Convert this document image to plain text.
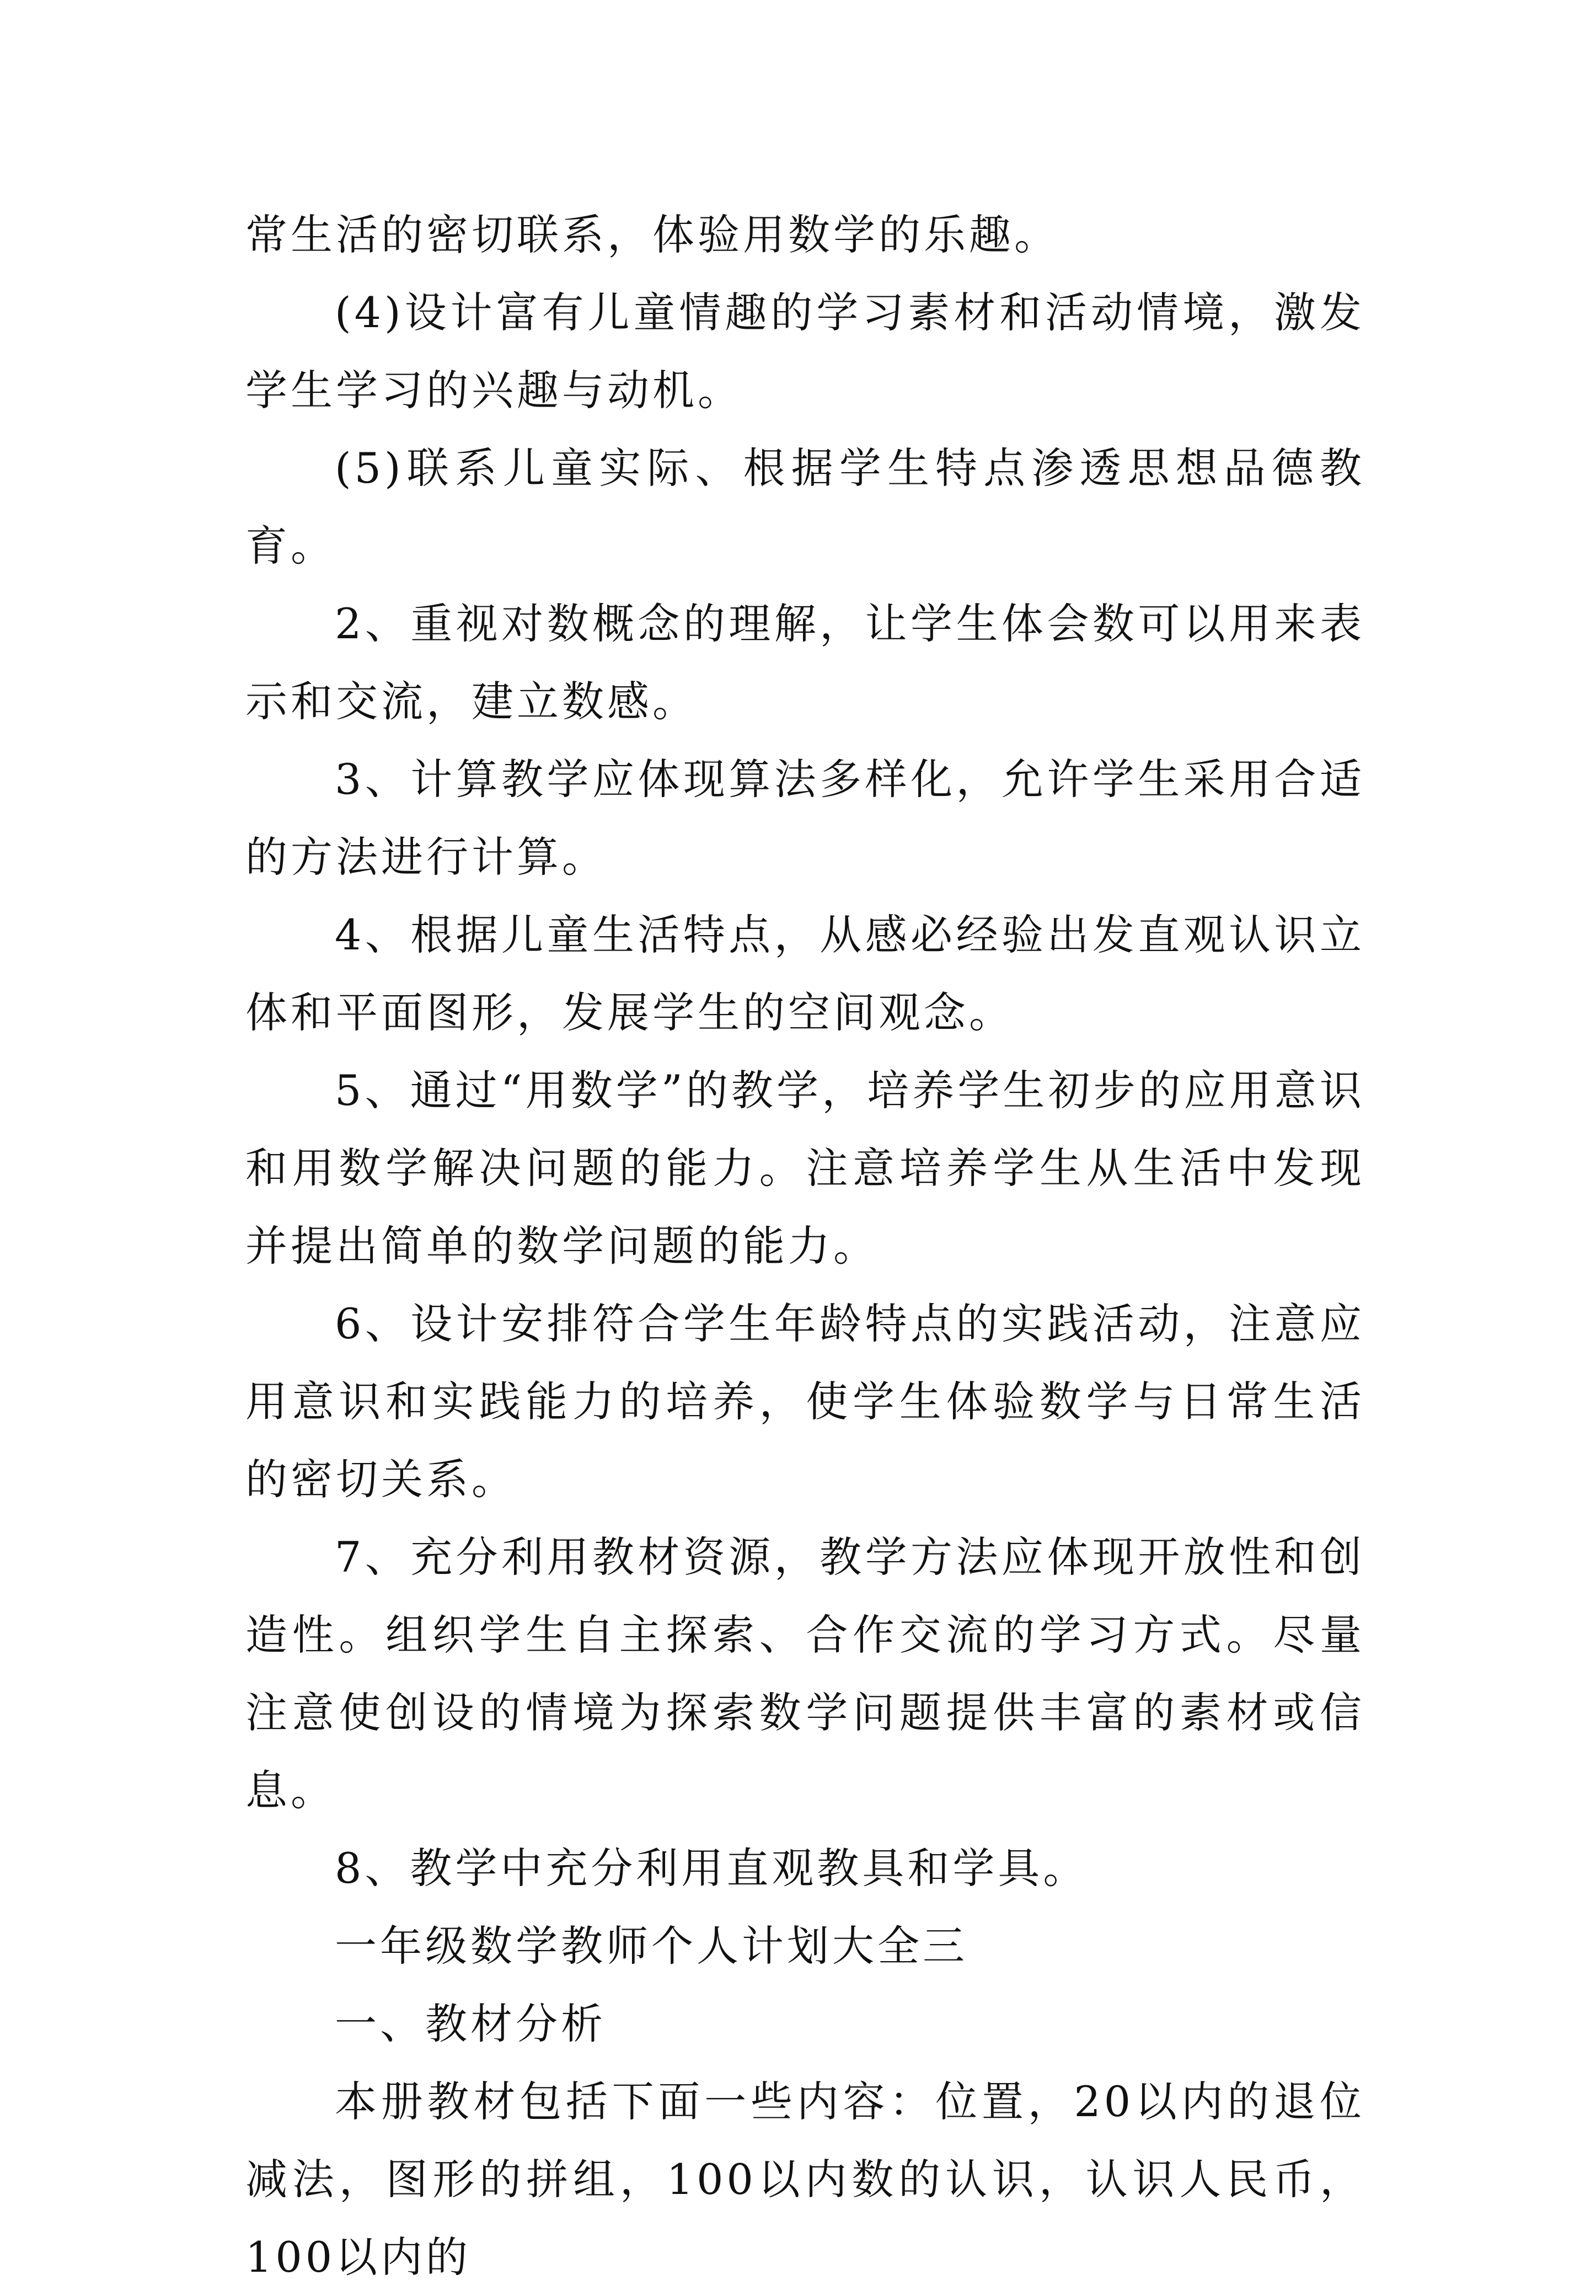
常生活的密切联系，体验用数学的乐趣。

(4)设计富有儿童情趣的学习素材和活动情境，激发学生学习的兴趣与动机。

(5)联系儿童实际、根据学生特点渗透思想品德教育。

2、重视对数概念的理解，让学生体会数可以用来表示和交流，建立数感。

3、计算教学应体现算法多样化，允许学生采用合适的方法进行计算。

4、根据儿童生活特点，从感必经验出发直观认识立体和平面图形，发展学生的空间观念。

5、通过“用数学”的教学，培养学生初步的应用意识和用数学解决问题的能力。注意培养学生从生活中发现并提出简单的数学问题的能力。

6、设计安排符合学生年龄特点的实践活动，注意应用意识和实践能力的培养，使学生体验数学与日常生活的密切关系。

7、充分利用教材资源，教学方法应体现开放性和创造性。组织学生自主探索、合作交流的学习方式。尽量注意使创设的情境为探索数学问题提供丰富的素材或信息。

8、教学中充分利用直观教具和学具。

一年级数学教师个人计划大全三

一、教材分析

本册教材包括下面一些内容：位置，20以内的退位减法，图形的拼组，100以内数的认识，认识人民币，100以内的
